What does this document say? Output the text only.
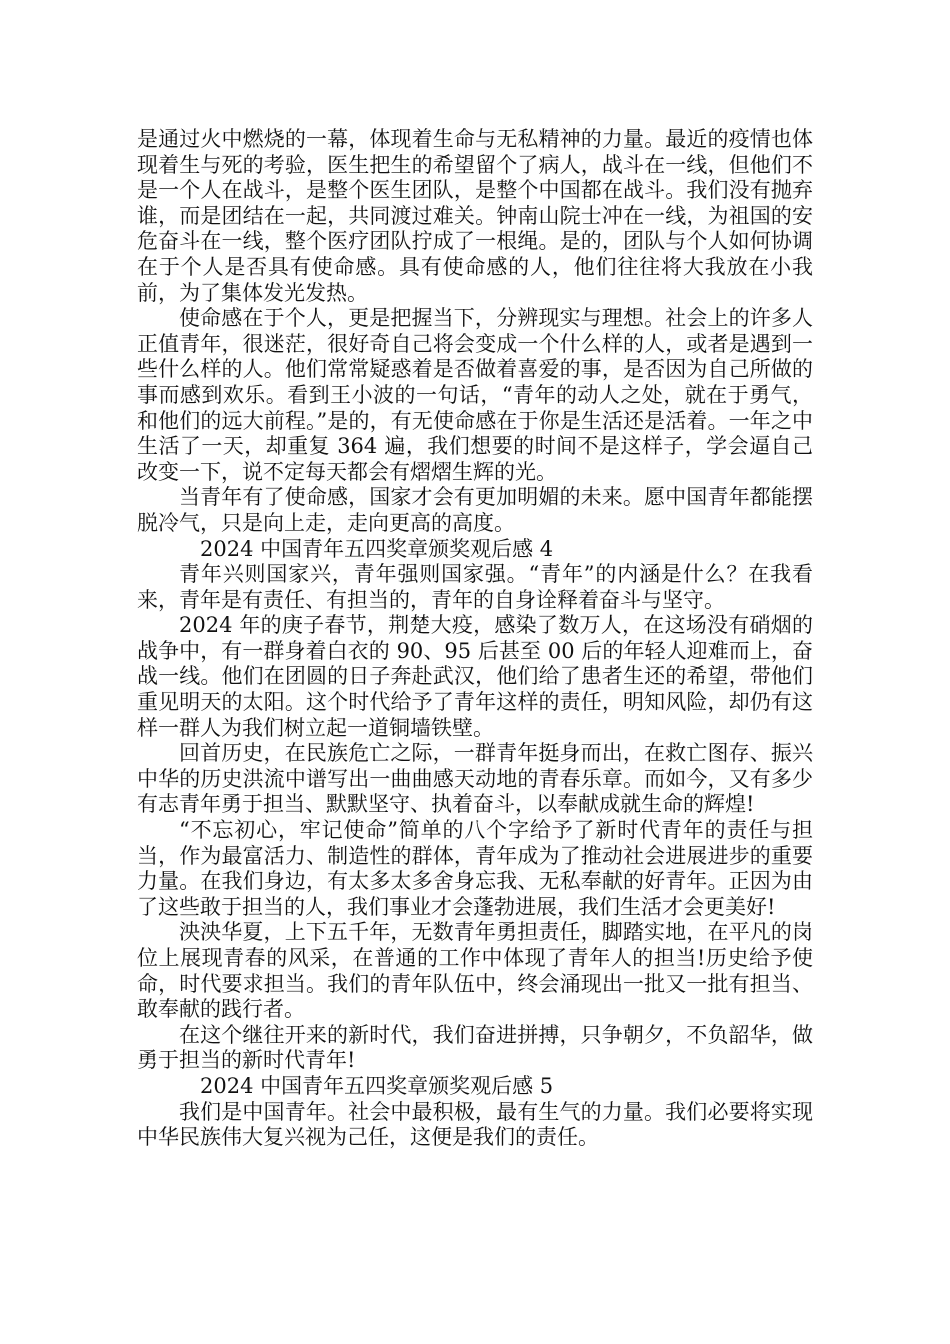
是通过火中燃烧的一幕，体现着生命与无私精神的力量。最近的疫情也体现着生与死的考验，医生把生的希望留个了病人，战斗在一线，但他们不是一个人在战斗，是整个医生团队，是整个中国都在战斗。我们没有抛弃谁，而是团结在一起，共同渡过难关。钟南山院士冲在一线，为祖国的安危奋斗在一线，整个医疗团队拧成了一根绳。是的，团队与个人如何协调在于个人是否具有使命感。具有使命感的人，他们往往将大我放在小我前，为了集体发光发热。

使命感在于个人，更是把握当下，分辨现实与理想。社会上的许多人正值青年，很迷茫，很好奇自己将会变成一个什么样的人，或者是遇到一些什么样的人。他们常常疑惑着是否做着喜爱的事，是否因为自己所做的事而感到欢乐。看到王小波的一句话，“青年的动人之处，就在于勇气，和他们的远大前程。”是的，有无使命感在于你是生活还是活着。一年之中生活了一天，却重复 364 遍，我们想要的时间不是这样子，学会逼自己改变一下，说不定每天都会有熠熠生辉的光。

当青年有了使命感，国家才会有更加明媚的未来。愿中国青年都能摆脱冷气，只是向上走，走向更高的高度。

2024 中国青年五四奖章颁奖观后感 4

青年兴则国家兴，青年强则国家强。“青年”的内涵是什么？在我看来，青年是有责任、有担当的，青年的自身诠释着奋斗与坚守。

2024 年的庚子春节，荆楚大疫，感染了数万人，在这场没有硝烟的战争中，有一群身着白衣的 90、95 后甚至 00 后的年轻人迎难而上，奋战一线。他们在团圆的日子奔赴武汉，他们给了患者生还的希望，带他们重见明天的太阳。这个时代给予了青年这样的责任，明知风险，却仍有这样一群人为我们树立起一道铜墙铁壁。

回首历史，在民族危亡之际，一群青年挺身而出，在救亡图存、振兴中华的历史洪流中谱写出一曲曲感天动地的青春乐章。而如今，又有多少有志青年勇于担当、默默坚守、执着奋斗，以奉献成就生命的辉煌!

“不忘初心，牢记使命”简单的八个字给予了新时代青年的责任与担当，作为最富活力、制造性的群体，青年成为了推动社会进展进步的重要力量。在我们身边，有太多太多舍身忘我、无私奉献的好青年。正因为由了这些敢于担当的人，我们事业才会蓬勃进展，我们生活才会更美好!

泱泱华夏，上下五千年，无数青年勇担责任，脚踏实地，在平凡的岗位上展现青春的风采，在普通的工作中体现了青年人的担当!历史给予使命，时代要求担当。我们的青年队伍中，终会涌现出一批又一批有担当、敢奉献的践行者。

在这个继往开来的新时代，我们奋进拼搏，只争朝夕，不负韶华，做勇于担当的新时代青年!

2024 中国青年五四奖章颁奖观后感 5

我们是中国青年。社会中最积极，最有生气的力量。我们必要将实现中华民族伟大复兴视为己任，这便是我们的责任。
